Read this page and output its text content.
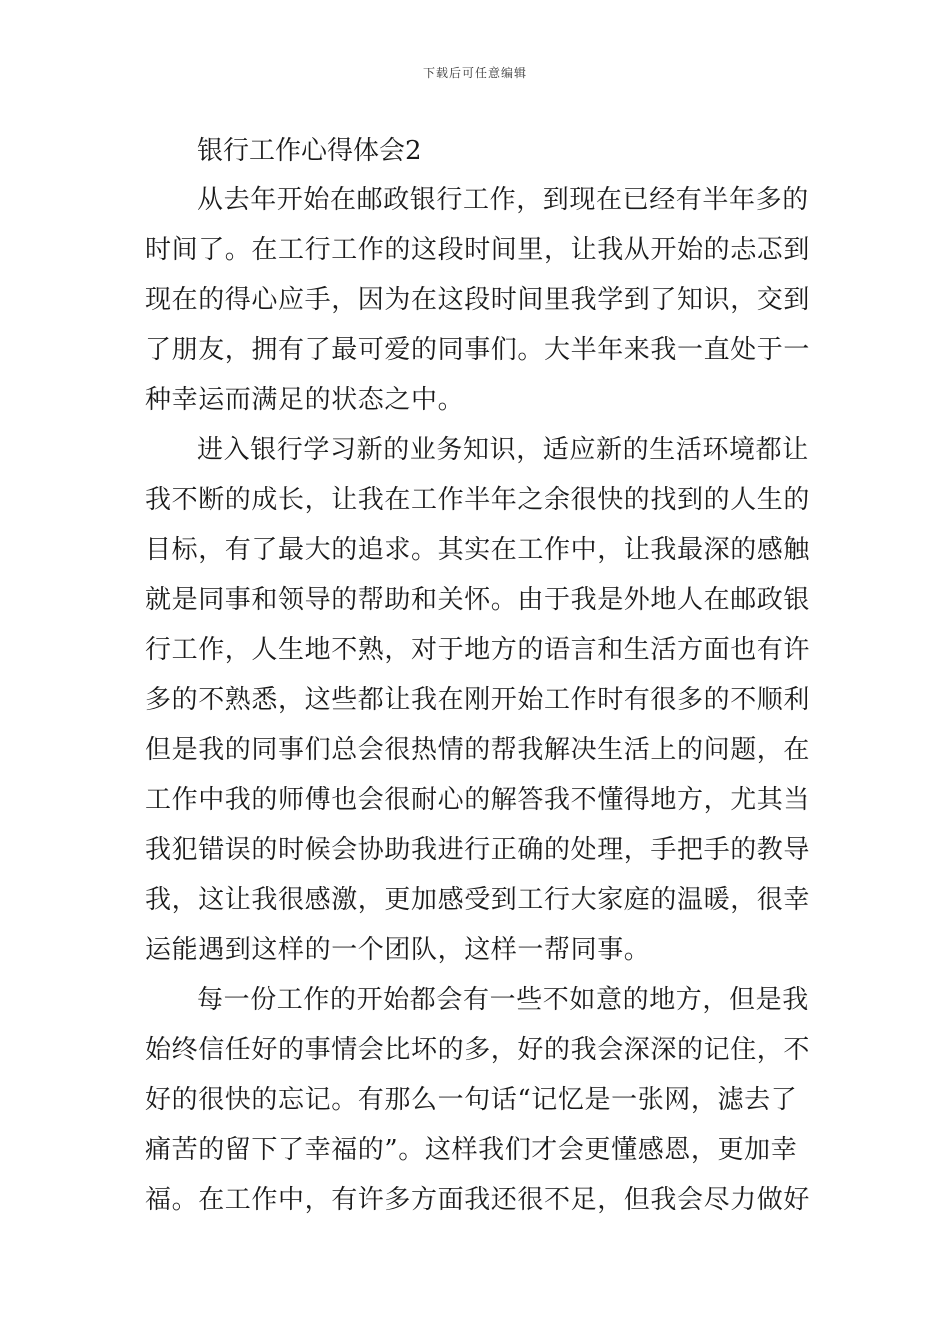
下载后可任意编辑
银行工作心得体会2
从去年开始在邮政银行工作，到现在已经有半年多的
时间了。在工行工作的这段时间里，让我从开始的忐忑到
现在的得心应手，因为在这段时间里我学到了知识，交到
了朋友，拥有了最可爱的同事们。大半年来我一直处于一
种幸运而满足的状态之中。
进入银行学习新的业务知识，适应新的生活环境都让
我不断的成长，让我在工作半年之余很快的找到的人生的
目标，有了最大的追求。其实在工作中，让我最深的感触
就是同事和领导的帮助和关怀。由于我是外地人在邮政银
行工作，人生地不熟，对于地方的语言和生活方面也有许
多的不熟悉，这些都让我在刚开始工作时有很多的不顺利
但是我的同事们总会很热情的帮我解决生活上的问题，在
工作中我的师傅也会很耐心的解答我不懂得地方，尤其当
我犯错误的时候会协助我进行正确的处理，手把手的教导
我，这让我很感激，更加感受到工行大家庭的温暖，很幸
运能遇到这样的一个团队，这样一帮同事。
每一份工作的开始都会有一些不如意的地方，但是我
始终信任好的事情会比坏的多，好的我会深深的记住，不
好的很快的忘记。有那么一句话“记忆是一张网，滤去了
痛苦的留下了幸福的”。这样我们才会更懂感恩，更加幸
福。在工作中，有许多方面我还很不足，但我会尽力做好
